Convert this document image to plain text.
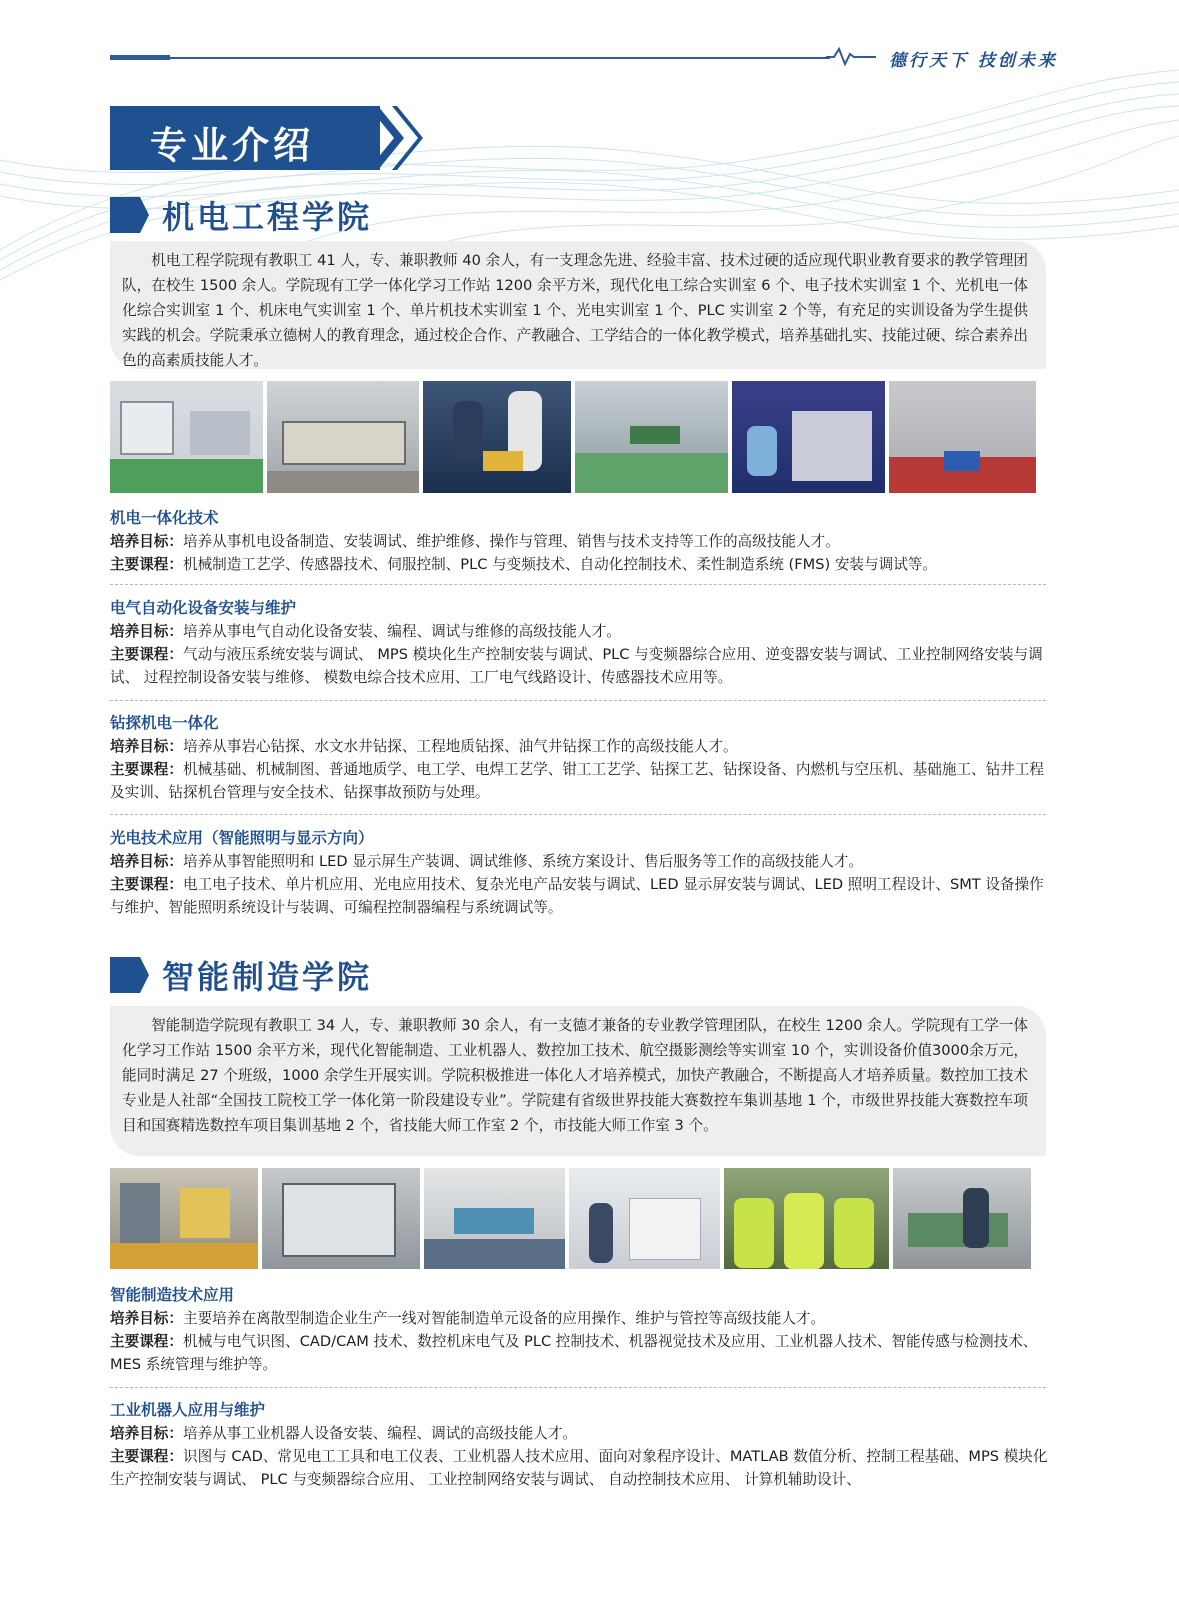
德行天下 技创未来
专业介绍
机电工程学院
机电工程学院现有教职工 41 人，专、兼职教师 40 余人，有一支理念先进、经验丰富、技术过硬的适应现代职业教育要求的教学管理团队，在校生 1500 余人。学院现有工学一体化学习工作站 1200 余平方米，现代化电工综合实训室 6 个、电子技术实训室 1 个、光机电一体化综合实训室 1 个、机床电气实训室 1 个、单片机技术实训室 1 个、光电实训室 1 个、PLC 实训室 2 个等，有充足的实训设备为学生提供实践的机会。学院秉承立德树人的教育理念，通过校企合作、产教融合、工学结合的一体化教学模式，培养基础扎实、技能过硬、综合素养出色的高素质技能人才。
机电一体化技术
培养目标：培养从事机电设备制造、安装调试、维护维修、操作与管理、销售与技术支持等工作的高级技能人才。
主要课程：机械制造工艺学、传感器技术、伺服控制、PLC 与变频技术、自动化控制技术、柔性制造系统 (FMS) 安装与调试等。
电气自动化设备安装与维护
培养目标：培养从事电气自动化设备安装、编程、调试与维修的高级技能人才。
主要课程：气动与液压系统安装与调试、 MPS 模块化生产控制安装与调试、PLC 与变频器综合应用、逆变器安装与调试、工业控制网络安装与调试、 过程控制设备安装与维修、 模数电综合技术应用、工厂电气线路设计、传感器技术应用等。
钻探机电一体化
培养目标：培养从事岩心钻探、水文水井钻探、工程地质钻探、油气井钻探工作的高级技能人才。
主要课程：机械基础、机械制图、普通地质学、电工学、电焊工艺学、钳工工艺学、钻探工艺、钻探设备、内燃机与空压机、基础施工、钻井工程及实训、钻探机台管理与安全技术、钻探事故预防与处理。
光电技术应用（智能照明与显示方向）
培养目标：培养从事智能照明和 LED 显示屏生产装调、调试维修、系统方案设计、售后服务等工作的高级技能人才。
主要课程：电工电子技术、单片机应用、光电应用技术、复杂光电产品安装与调试、LED 显示屏安装与调试、LED 照明工程设计、SMT 设备操作与维护、智能照明系统设计与装调、可编程控制器编程与系统调试等。
智能制造学院
智能制造学院现有教职工 34 人，专、兼职教师 30 余人，有一支德才兼备的专业教学管理团队，在校生 1200 余人。学院现有工学一体化学习工作站 1500 余平方米，现代化智能制造、工业机器人、数控加工技术、航空摄影测绘等实训室 10 个，实训设备价值3000余万元，能同时满足 27 个班级，1000 余学生开展实训。学院积极推进一体化人才培养模式，加快产教融合，不断提高人才培养质量。数控加工技术专业是人社部“全国技工院校工学一体化第一阶段建设专业”。学院建有省级世界技能大赛数控车集训基地 1 个，市级世界技能大赛数控车项目和国赛精选数控车项目集训基地 2 个，省技能大师工作室 2 个，市技能大师工作室 3 个。
智能制造技术应用
培养目标：主要培养在离散型制造企业生产一线对智能制造单元设备的应用操作、维护与管控等高级技能人才。
主要课程：机械与电气识图、CAD/CAM 技术、数控机床电气及 PLC 控制技术、机器视觉技术及应用、工业机器人技术、智能传感与检测技术、MES 系统管理与维护等。
工业机器人应用与维护
培养目标：培养从事工业机器人设备安装、编程、调试的高级技能人才。
主要课程：识图与 CAD、常见电工工具和电工仪表、工业机器人技术应用、面向对象程序设计、MATLAB 数值分析、控制工程基础、MPS 模块化生产控制安装与调试、 PLC 与变频器综合应用、 工业控制网络安装与调试、 自动控制技术应用、 计算机辅助设计、
